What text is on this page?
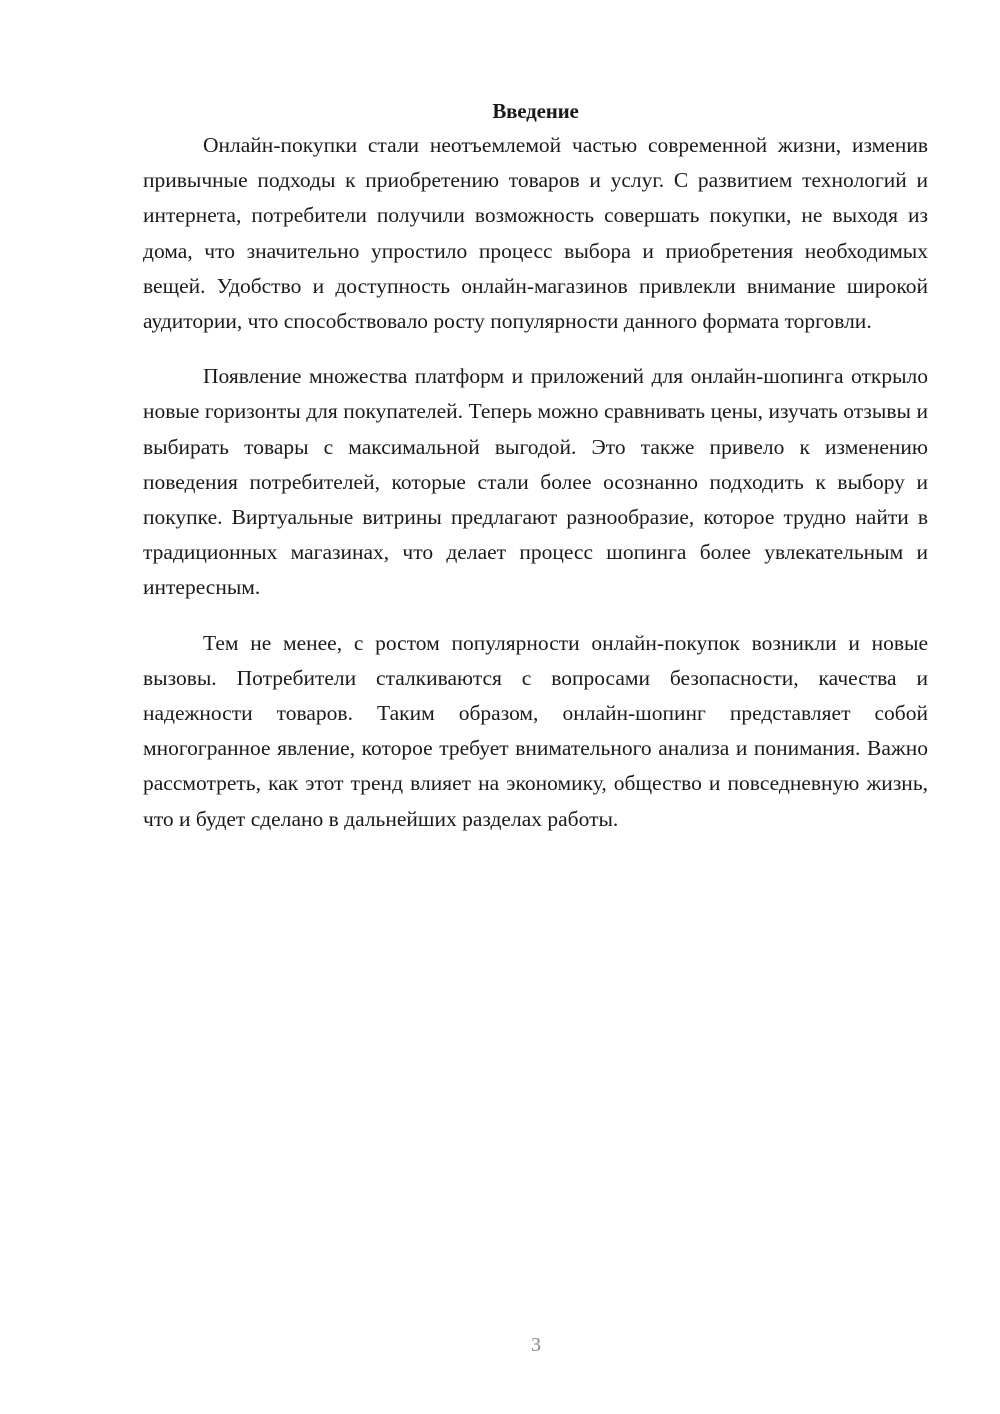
Введение

Онлайн-покупки стали неотъемлемой частью современной жизни, изменив привычные подходы к приобретению товаров и услуг. С развитием технологий и интернета, потребители получили возможность совершать покупки, не выходя из дома, что значительно упростило процесс выбора и приобретения необходимых вещей. Удобство и доступность онлайн-магазинов привлекли внимание широкой аудитории, что способствовало росту популярности данного формата торговли.

Появление множества платформ и приложений для онлайн-шопинга открыло новые горизонты для покупателей. Теперь можно сравнивать цены, изучать отзывы и выбирать товары с максимальной выгодой. Это также привело к изменению поведения потребителей, которые стали более осознанно подходить к выбору и покупке. Виртуальные витрины предлагают разнообразие, которое трудно найти в традиционных магазинах, что делает процесс шопинга более увлекательным и интересным.

Тем не менее, с ростом популярности онлайн-покупок возникли и новые вызовы. Потребители сталкиваются с вопросами безопасности, качества и надежности товаров. Таким образом, онлайн-шопинг представляет собой многогранное явление, которое требует внимательного анализа и понимания. Важно рассмотреть, как этот тренд влияет на экономику, общество и повседневную жизнь, что и будет сделано в дальнейших разделах работы.

3
